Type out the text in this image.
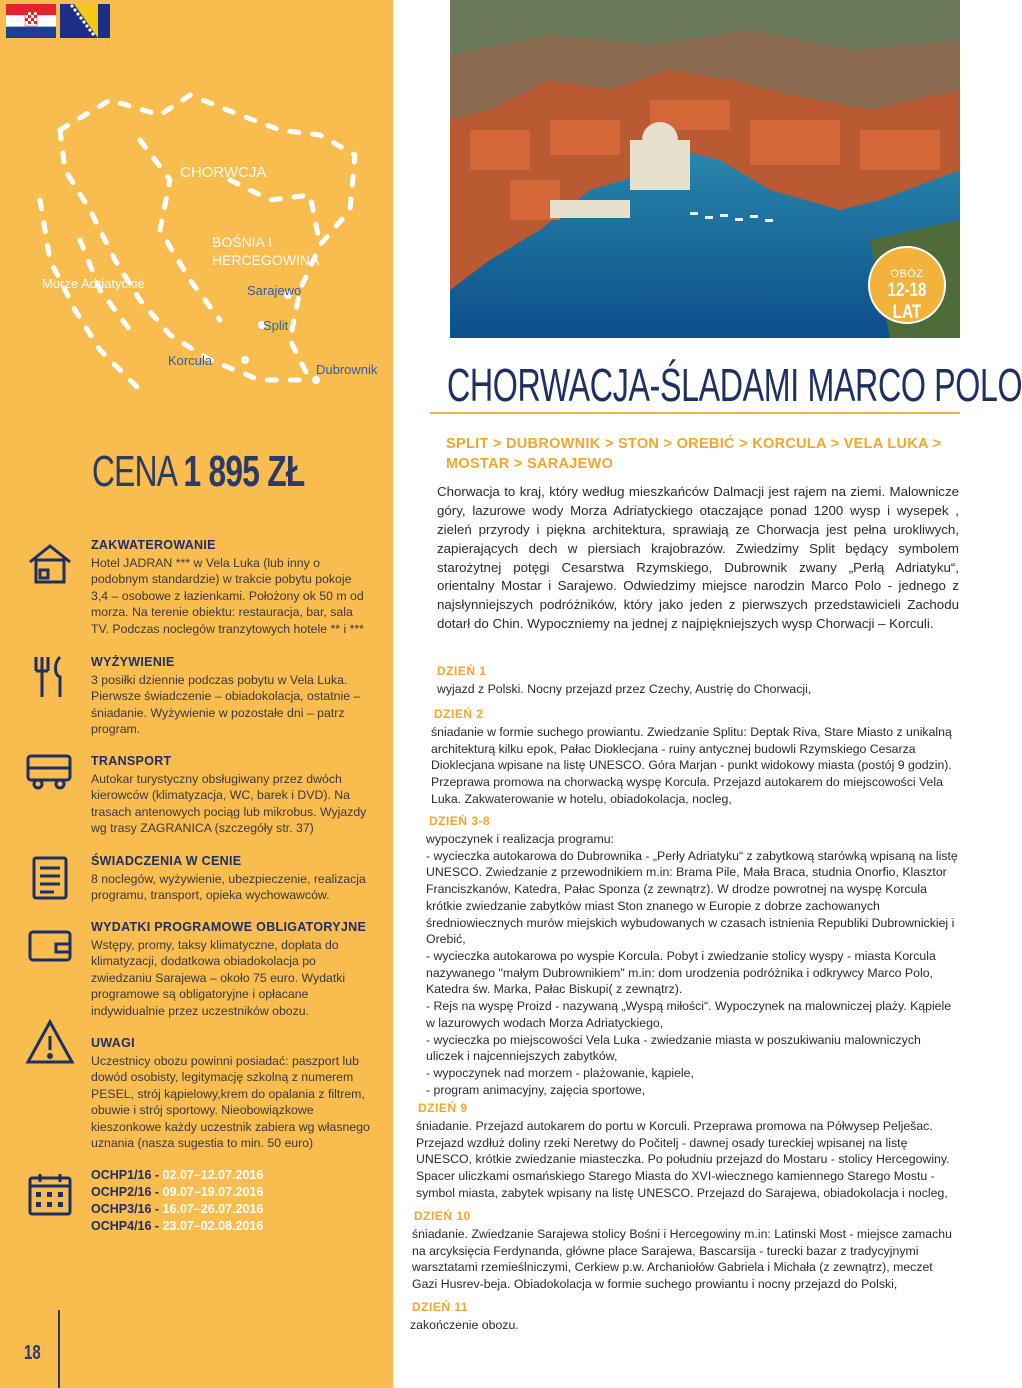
Morze Adriatyckie
CHORWCJA
BOŚNIA I HERCEGOWINA
Sarajewo
Split
Korcula
Dubrownik
OBÓZ
12-18 LAT
CHORWACJA-ŚLADAMI MARCO POLO
CENA 1 895 ZŁ
ZAKWATEROWANIE

Hotel JADRAN *** w Vela Luka (lub inny o podobnym standardzie) w trakcie pobytu pokoje 3,4 – osobowe z łazienkami. Położony ok 50 m od morza. Na terenie obiektu: restauracja, bar, sala TV. Podczas noclegów tranzytowych hotele ** i ***

WYŻYWIENIE

3 posiłki dziennie podczas pobytu w Vela Luka. Pierwsze świadczenie – obiadokolacja, ostatnie – śniadanie. Wyżywienie w pozostałe dni – patrz program.

TRANSPORT

Autokar turystyczny obsługiwany przez dwóch kierowców (klimatyzacja, WC, barek i DVD). Na trasach antenowych pociąg lub mikrobus. Wyjazdy wg trasy ZAGRANICA (szczegóły str. 37)

ŚWIADCZENIA W CENIE

8 noclegów, wyżywienie, ubezpieczenie, realizacja programu, transport, opieka wychowawców.

WYDATKI PROGRAMOWE OBLIGATORYJNE

Wstępy, promy, taksy klimatyczne, dopłata do klimatyzacji, dodatkowa obiadokolacja po zwiedzaniu Sarajewa – około 75 euro. Wydatki programowe są obligatoryjne i opłacane indywidualnie przez uczestników obozu.

UWAGI

Uczestnicy obozu powinni posiadać: paszport lub dowód osobisty, legitymację szkolną z numerem PESEL, strój kąpielowy,krem do opalania z filtrem, obuwie i strój sportowy. Nieobowiązkowe kieszonkowe każdy uczestnik zabiera wg własnego uznania (nasza sugestia to min. 50 euro)

OCHP1/16 - 02.07–12.07.2016
OCHP2/16 - 09.07–19.07.2016
OCHP3/16 - 16.07–26.07.2016
OCHP4/16 - 23.07–02.08.2016
18
SPLIT > DUBROWNIK > STON > OREBIĆ > KORCULA > VELA LUKA > MOSTAR > SARAJEWO
Chorwacja to kraj, który według mieszkańców Dalmacji jest rajem na ziemi. Malownicze góry, lazurowe wody Morza Adriatyckiego otaczające ponad 1200 wysp i wysepek , zieleń przyrody i piękna architektura, sprawiają ze Chorwacja jest pełna urokliwych, zapierających dech w piersiach krajobrazów. Zwiedzimy Split będący symbolem starożytnej potęgi Cesarstwa Rzymskiego, Dubrownik zwany „Perłą Adriatyku“, orientalny Mostar i Sarajewo. Odwiedzimy miejsce narodzin Marco Polo - jednego z najsłynniejszych podróżników, który jako jeden z pierwszych przedstawicieli Zachodu dotarł do Chin. Wypoczniemy na jednej z najpiękniejszych wysp Chorwacji – Korculi.
DZIEŃ 1
wyjazd z Polski. Nocny przejazd przez Czechy, Austrię do Chorwacji,
DZIEŃ 2
śniadanie w formie suchego prowiantu. Zwiedzanie Splitu: Deptak Riva, Stare Miasto z unikalną architekturą kilku epok, Pałac Dioklecjana - ruiny antycznej budowli Rzymskiego Cesarza Dioklecjana wpisane na listę UNESCO. Góra Marjan - punkt widokowy miasta (postój 9 godzin). Przeprawa promowa na chorwacką wyspę Korcula. Przejazd autokarem do miejscowości Vela Luka. Zakwaterowanie w hotelu, obiadokolacja, nocleg,
DZIEŃ 3-8
wypoczynek i realizacja programu:
- wycieczka autokarowa do Dubrownika - „Perły Adriatyku“ z zabytkową starówką wpisaną na listę UNESCO. Zwiedzanie z przewodnikiem m.in: Brama Pile, Mała Braca, studnia Onorfio, Klasztor Franciszkanów, Katedra, Pałac Sponza (z zewnątrz). W drodze powrotnej na wyspę Korcula krótkie zwiedzanie zabytków miast Ston znanego w Europie z dobrze zachowanych średniowiecznych murów miejskich wybudowanych w czasach istnienia Republiki Dubrownickiej i Orebić,
- wycieczka autokarowa po wyspie Korcula. Pobyt i zwiedzanie stolicy wyspy - miasta Korcula nazywanego "małym Dubrownikiem" m.in: dom urodzenia podróżnika i odkrywcy Marco Polo, Katedra św. Marka, Pałac Biskupi( z zewnątrz).
- Rejs na wyspę Proizd - nazywaną „Wyspą miłości“. Wypoczynek na malowniczej plaży. Kąpiele w lazurowych wodach Morza Adriatyckiego,
- wycieczka po miejscowości Vela Luka - zwiedzanie miasta w poszukiwaniu malowniczych uliczek i najcenniejszych zabytków,
- wypoczynek nad morzem - plażowanie, kąpiele,
- program animacyjny, zajęcia sportowe,
DZIEŃ 9
śniadanie. Przejazd autokarem do portu w Korculi. Przeprawa promowa na Półwysep Pelješac. Przejazd wzdłuż doliny rzeki Neretwy do Počitelj - dawnej osady tureckiej wpisanej na listę UNESCO, krótkie zwiedzanie miasteczka. Po południu przejazd do Mostaru - stolicy Hercegowiny. Spacer uliczkami osmańskiego Starego Miasta do XVI-wiecznego kamiennego Starego Mostu - symbol miasta, zabytek wpisany na listę UNESCO. Przejazd do Sarajewa, obiadokolacja i nocleg,
DZIEŃ 10
śniadanie. Zwiedzanie Sarajewa stolicy Bośni i Hercegowiny m.in: Latinski Most - miejsce zamachu na arcyksięcia Ferdynanda, główne place Sarajewa, Bascarsija - turecki bazar z tradycyjnymi warsztatami rzemieślniczymi, Cerkiew p.w. Archaniołów Gabriela i Michała (z zewnątrz), meczet Gazi Husrev-beja. Obiadokolacja w formie suchego prowiantu i nocny przejazd do Polski,
DZIEŃ 11
zakończenie obozu.
